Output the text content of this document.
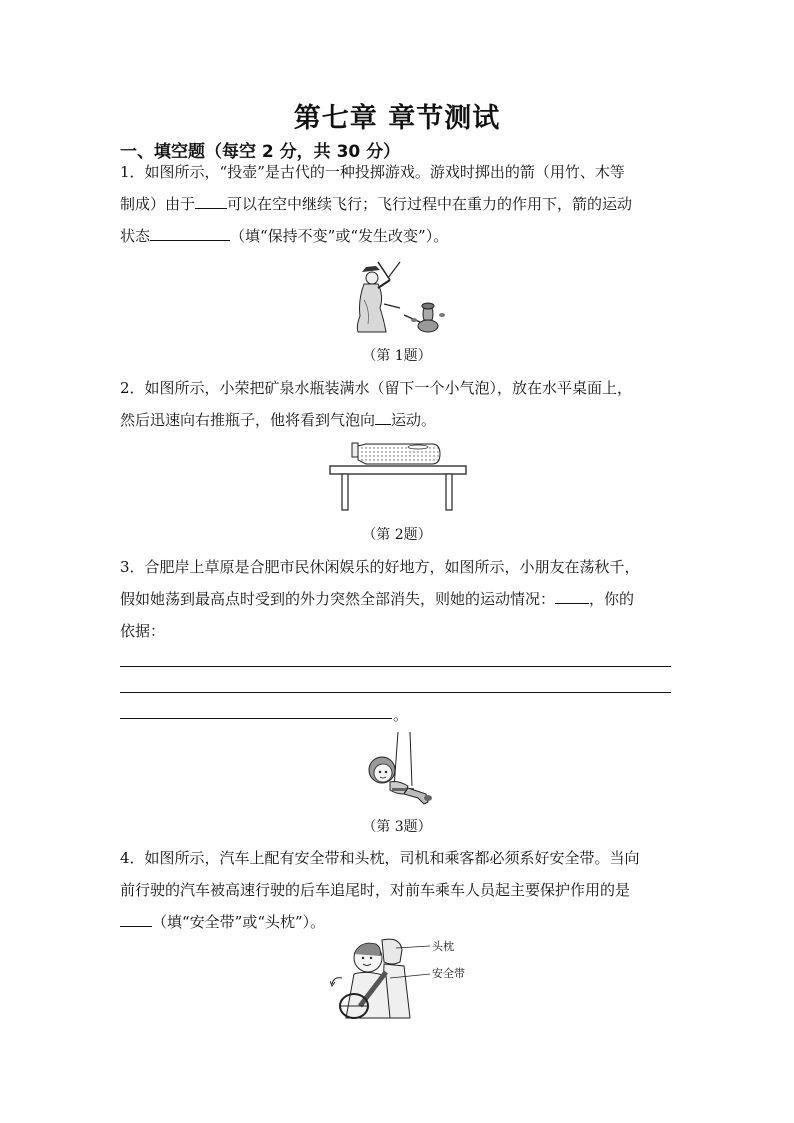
第七章 章节测试
一、填空题（每空 2 分，共 30 分）
1．如图所示，“投壶”是古代的一种投掷游戏。游戏时掷出的箭（用竹、木等
制成）由于 可以在空中继续飞行；飞行过程中在重力的作用下，箭的运动
状态	（填“保持不变”或“发生改变”）。
（第 1题）
2．如图所示，小荣把矿泉水瓶装满水（留下一个小气泡），放在水平桌面上，
然后迅速向右推瓶子，他将看到气泡向 运动。
（第 2题）
3．合肥岸上草原是合肥市民休闲娱乐的好地方，如图所示，小朋友在荡秋千，
假如她荡到最高点时受到的外力突然全部消失，则她的运动情况： ，你的
依据：
。
（第 3题）
4．如图所示，汽车上配有安全带和头枕，司机和乘客都必须系好安全带。当向
前行驶的汽车被高速行驶的后车追尾时，对前车乘车人员起主要保护作用的是
（填“安全带”或“头枕”）。
头枕
安全带
